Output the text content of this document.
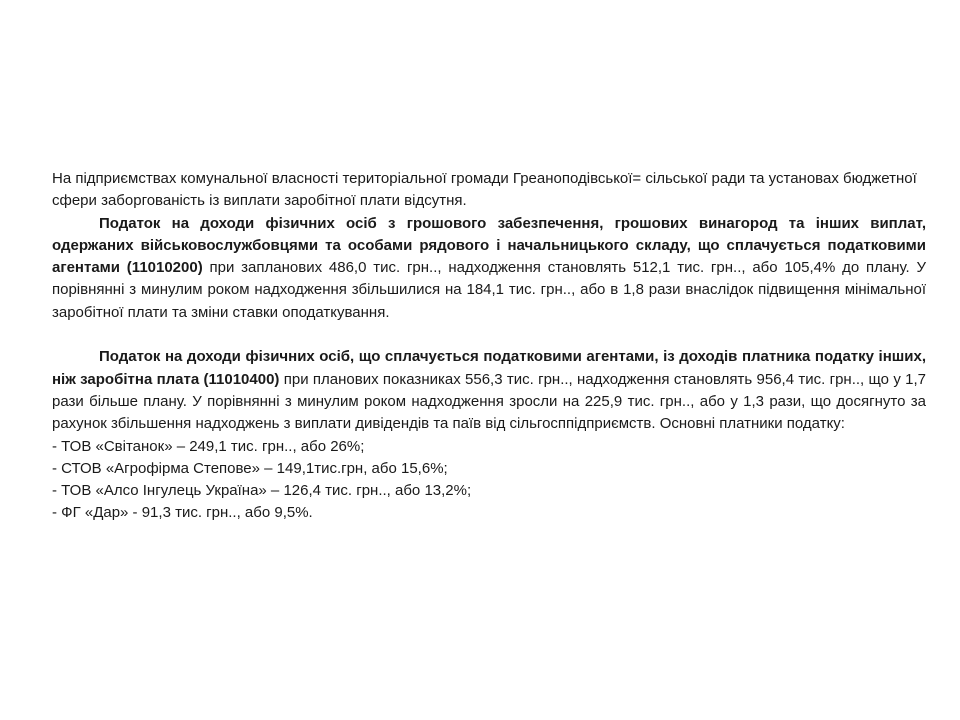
На підприємствах комунальної власності територіальної громади Греаноподівської= сільської ради та установах бюджетної сфери заборгованість із виплати заробітної плати відсутня.

Податок на доходи фізичних осіб з грошового забезпечення, грошових винагород та інших виплат, одержаних військовослужбовцями та особами рядового і начальницького складу, що сплачується податковими агентами (11010200) при запланових 486,0 тис. грн.., надходження становлять 512,1 тис. грн.., або 105,4% до плану. У порівнянні з минулим роком надходження збільшилися на 184,1 тис. грн.., або в 1,8 рази внаслідок підвищення мінімальної заробітної плати та зміни ставки оподаткування.

Податок на доходи фізичних осіб, що сплачується податковими агентами, із доходів платника податку інших, ніж заробітна плата (11010400) при планових показниках 556,3 тис. грн.., надходження становлять 956,4 тис. грн.., що у 1,7 рази більше плану. У порівнянні з минулим роком надходження зросли на 225,9 тис. грн.., або у 1,3 рази, що досягнуто за рахунок збільшення надходжень з виплати дивідендів та паїв від сільгосппідприємств. Основні платники податку:

- ТОВ «Світанок» – 249,1 тис. грн.., або 26%;

- СТОВ «Агрофірма Степове» – 149,1тис.грн, або 15,6%;

- ТОВ «Алсо Інгулець Україна» – 126,4 тис. грн.., або 13,2%;

- ФГ «Дар» - 91,3 тис. грн.., або 9,5%.
